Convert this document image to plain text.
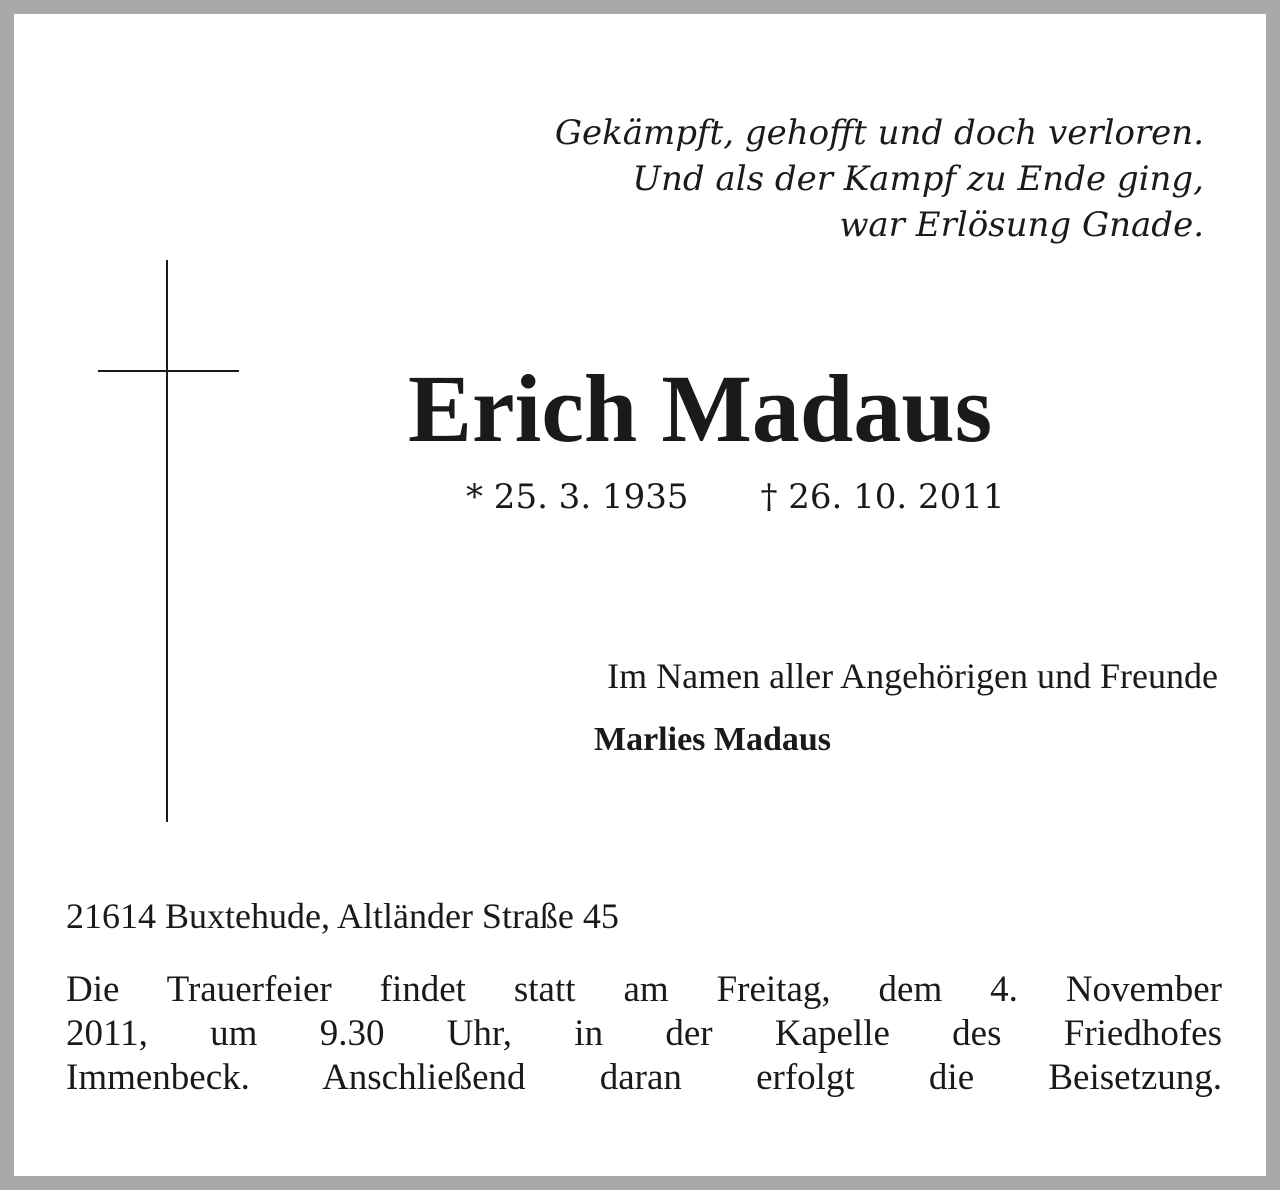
Gekämpft, gehofft und doch verloren.
Und als der Kampf zu Ende ging,
war Erlösung Gnade.

Erich Madaus
* 25. 3. 1935 † 26. 10. 2011
Im Namen aller Angehörigen und Freunde
Marlies Madaus
21614 Buxtehude, Altländer Straße 45

Die Trauerfeier findet statt am Freitag, dem 4. November
2011, um 9.30 Uhr, in der Kapelle des Friedhofes
Immenbeck. Anschließend daran erfolgt die Beisetzung.
